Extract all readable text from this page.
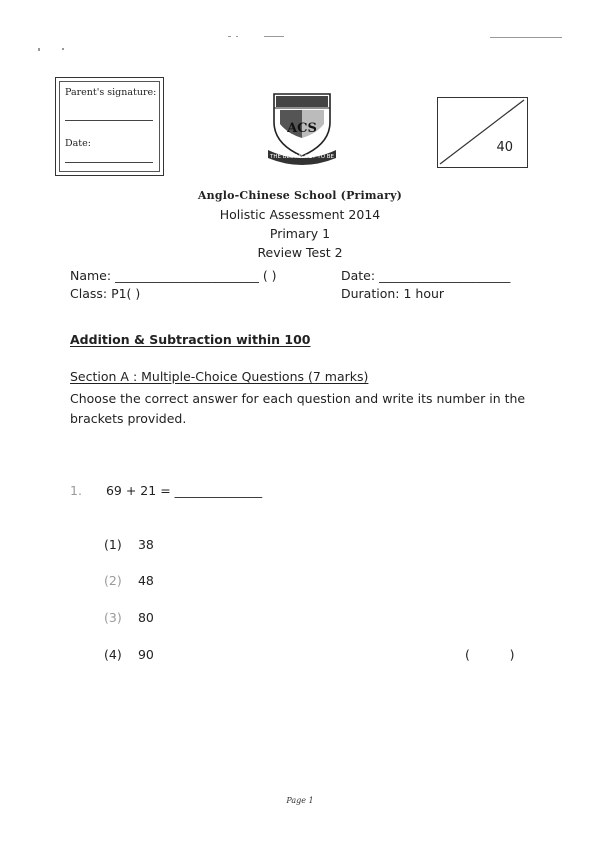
Parent's signature:
Date:
ACS
THE BEST IS YET TO BE
40
Anglo-Chinese School (Primary)
Holistic Assessment 2014
Primary 1
Review Test 2
Name: _______________________ ( )	Date: _____________________
Class: P1( )	Duration: 1 hour
Addition & Subtraction within 100
Section A : Multiple-Choice Questions (7 marks)
Choose the correct answer for each question and write its number in the brackets provided.
1. 69 + 21 = ______________
(1) 38
(2) 48
(3) 80
(4) 90	(          )
Page 1
